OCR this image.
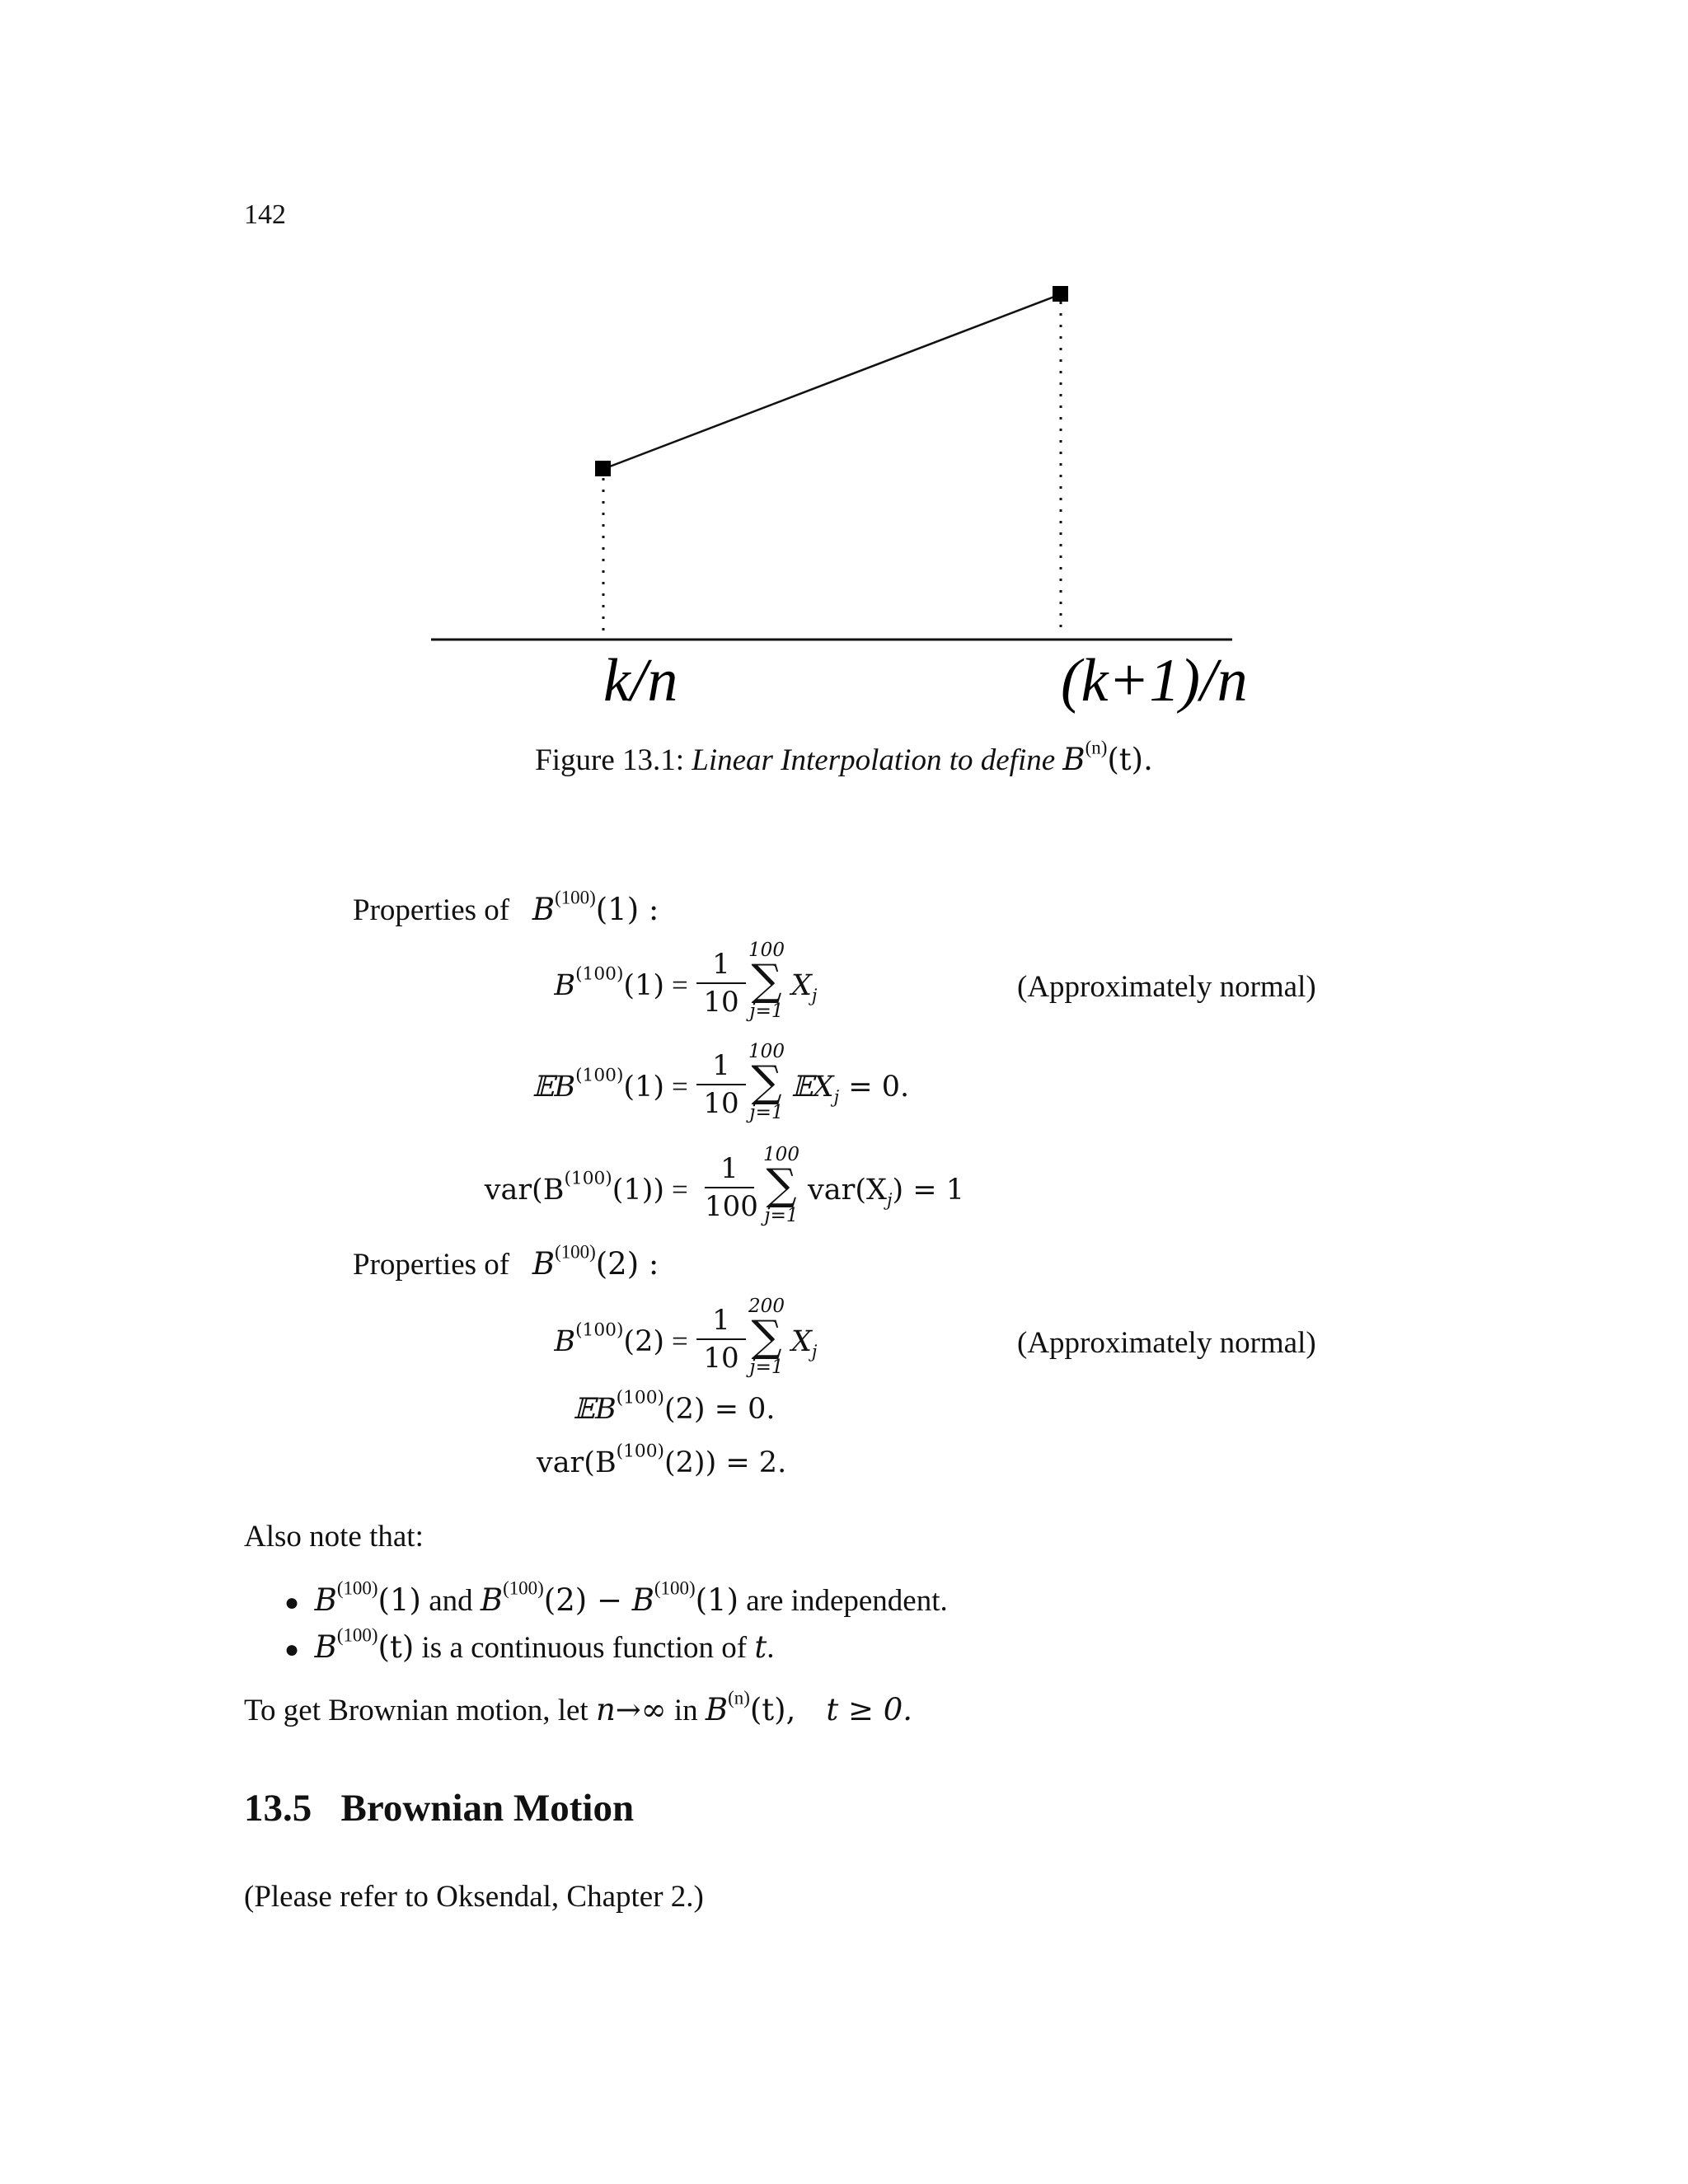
142
k/n	(k+1)/n
Figure 13.1: Linear Interpolation to define $B^{(n)}(t)$.
Properties of $B^{(100)}(1)$ :
$B^{(100)}(1) = \frac{1}{10} 100$
∑
j=1
$X_j$	(Approximately normal)
𝔼B$^{(100)}$(1) = $\frac{1}{10} 100$
∑
j=1
𝔼X$_j$ = 0.
$var(B^{(100)}(1)) = \frac{1}{100} 100$
∑
j=1
$var(X_j) = 1$
Properties of $B^{(100)}(2)$ :
$B^{(100)}(2) = \frac{1}{10} 200$
∑
j=1
$X_j$	(Approximately normal)
𝔼B$^{(100)}$ (2) = 0.
$var(B^{(100)}$ (2)) = 2.
Also note that:
● $B^{(100)}(1)$ and $B^{(100)}(2) - B^{(100)}(1)$ are independent.
● $B^{(100)}(t)$ is a continuous function of t.
To get Brownian motion, let n→∞ in $B^{(n)}(t)$, t ≥ 0.
13.5 Brownian Motion
(Please refer to Oksendal, Chapter 2.)
